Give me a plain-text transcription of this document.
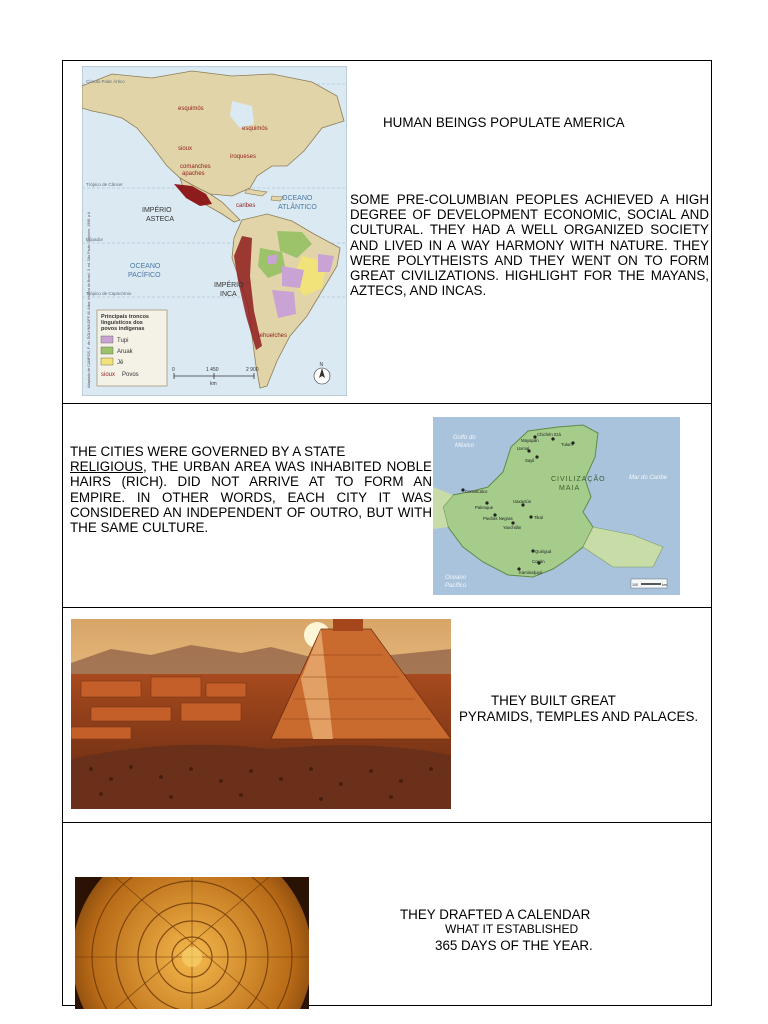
Círculo Polar Ártico
esquimós
sioux
esquimós
iroqueses
comanches
apaches
caribes
Trópico de Câncer
Equador
Trópico de Capricórnio
IMPÉRIO
ASTECA
OCEANO
ATLÂNTICO
OCEANO
PACÍFICO
IMPÉRIO
INCA
tehuelches
Principais troncos
linguísticos dos
povos indígenas
Tupi
Aruak
Jê
sioux Povos
0	1 450	2 900
km
N
Adaptado de CAMPOS, F. de; DOLHNIKOFF, M. Atlas: história do Brasil. 3. ed. São Paulo: Scipione, 1998. p.6
HUMAN BEINGS POPULATE AMERICA
SOME PRE-COLUMBIAN PEOPLES ACHIEVED A HIGH DEGREE OF DEVELOPMENT ECONOMIC, SOCIAL AND CULTURAL. THEY HAD A WELL ORGANIZED SOCIETY AND LIVED IN A WAY HARMONY WITH NATURE. THEY WERE POLYTHEISTS AND THEY WENT ON TO FORM GREAT CIVILIZATIONS. HIGHLIGHT FOR THE MAYANS, AZTECS, AND INCAS.
THE CITIES WERE GOVERNED BY A STATE
RELIGIOUS, THE URBAN AREA WAS INHABITED NOBLE HAIRS (RICH). DID NOT ARRIVE AT TO FORM AN EMPIRE. IN OTHER WORDS, EACH CITY IT WAS CONSIDERED AN INDEPENDENT OF OUTRO, BUT WITH THE SAME CULTURE.
Chichén Itzá
Mayapán
Tulum
Uxmal
Sayil
Comalcalco
Palenque
Piedras Negras
Uaxactún
Tikal
Yaxchilán
Quiriguá
Copán
Kaminaljuyú
Golfo do
México
Mar do Caribe
Oceano
Pacífico
CIVILIZAÇÃO
MAIA
100	km
THEY BUILT GREAT
PYRAMIDS, TEMPLES AND PALACES.
THEY DRAFTED A CALENDAR
WHAT IT ESTABLISHED
365 DAYS OF THE YEAR.
